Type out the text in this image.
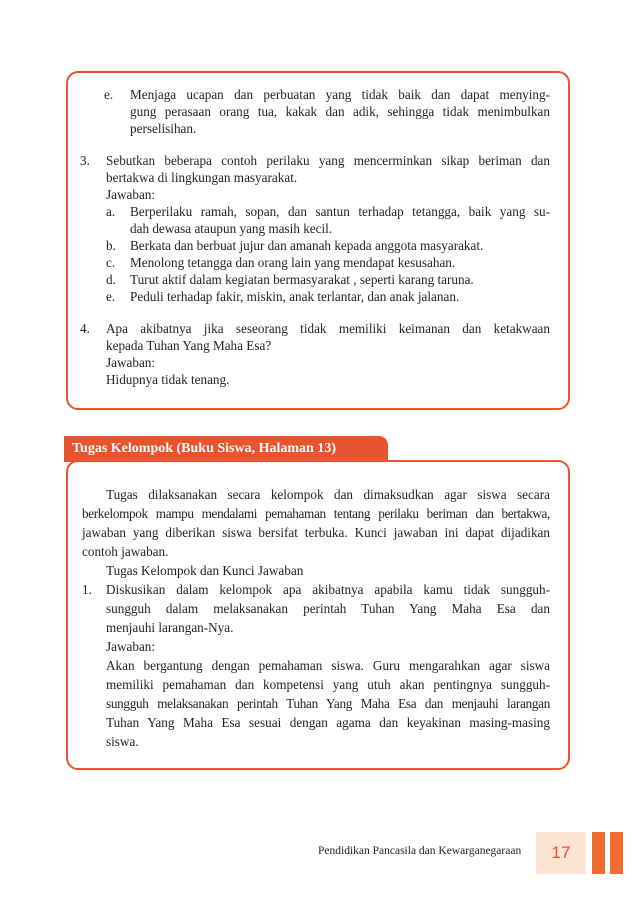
e. Menjaga ucapan dan perbuatan yang tidak baik dan dapat menying-
gung perasaan orang tua, kakak dan adik, sehingga tidak menimbulkan
perselisihan.
3. Sebutkan beberapa contoh perilaku yang mencerminkan sikap beriman dan
bertakwa di lingkungan masyarakat.
Jawaban:
a. Berperilaku ramah, sopan, dan santun terhadap tetangga, baik yang su-
dah dewasa ataupun yang masih kecil.
b. Berkata dan berbuat jujur dan amanah kepada anggota masyarakat.
c. Menolong tetangga dan orang lain yang mendapat kesusahan.
d. Turut aktif dalam kegiatan bermasyarakat , seperti karang taruna.
e. Peduli terhadap fakir, miskin, anak terlantar, dan anak jalanan.
4. Apa akibatnya jika seseorang tidak memiliki keimanan dan ketakwaan
kepada Tuhan Yang Maha Esa?
Jawaban:
Hidupnya tidak tenang.
Tugas Kelompok (Buku Siswa, Halaman 13)
Tugas dilaksanakan secara kelompok dan dimaksudkan agar siswa secara
berkelompok mampu mendalami pemahaman tentang perilaku beriman dan bertakwa,
jawaban yang diberikan siswa bersifat terbuka. Kunci jawaban ini dapat dijadikan
contoh jawaban.
Tugas Kelompok dan Kunci Jawaban
1. Diskusikan dalam kelompok apa akibatnya apabila kamu tidak sungguh-
sungguh dalam melaksanakan perintah Tuhan Yang Maha Esa dan
menjauhi larangan-Nya.
Jawaban:
Akan bergantung dengan pemahaman siswa. Guru mengarahkan agar siswa
memiliki pemahaman dan kompetensi yang utuh akan pentingnya sungguh-
sungguh melaksanakan perintah Tuhan Yang Maha Esa dan menjauhi larangan
Tuhan Yang Maha Esa sesuai dengan agama dan keyakinan masing-masing
siswa.
Pendidikan Pancasila dan Kewarganegaraan	17
